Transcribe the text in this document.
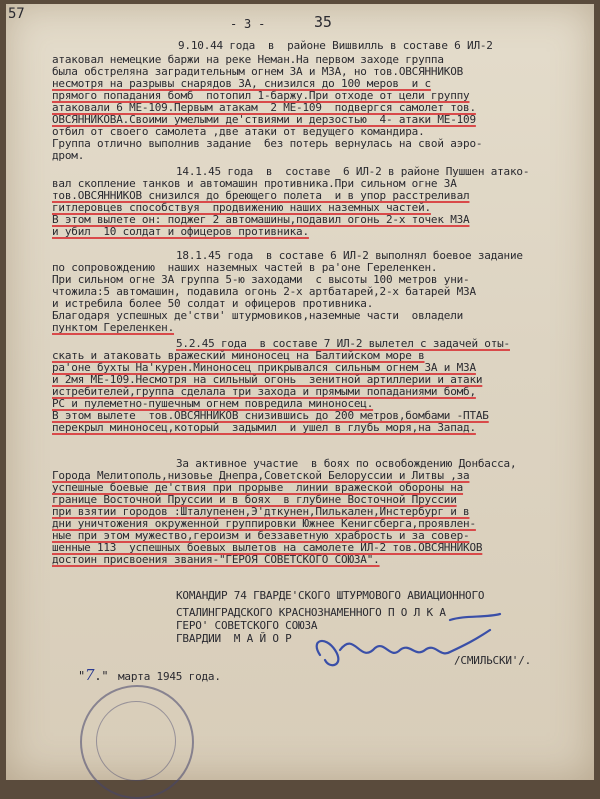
57
- 3 -	35
9.10.44 года  в  районе Вишвилль в составе 6 ИЛ-2
атаковал немецкие баржи на реке Неман.На первом заходе группа
была обстреляна заградительным огнем ЗА и МЗА, но тов.ОВСЯННИКОВ
несмотря на разрывы снарядов ЗА, снизился до 100 меров  и с
прямого попадания бомб  потопил 1-баржу.При отходе от цели группу
атаковали 6 МЕ-109.Первым атакам  2 МЕ-109  подвергся самолет тов.
ОВСЯННИКОВА.Своими умелыми де'ствиями и дерзостью  4- атаки МЕ-109
отбил от своего самолета ,две атаки от ведущего командира.
Группа отлично выполнив задание  без потерь вернулась на свой аэро-
дром.
14.1.45 года  в  составе  6 ИЛ-2 в районе Пушшен атако-
вал скопление танков и автомашин противника.При сильном огне ЗА
тов.ОВСЯННИКОВ снизился до бреющего полета  и в упор расстреливал
гитлеровцев способствуя  продвижению наших наземных частей.
В этом вылете он: поджег 2 автомашины,подавил огонь 2-х точек МЗА
и убил  10 солдат и офицеров противника.
18.1.45 года  в составе 6 ИЛ-2 выполнял боевое задание
по сопровождению  наших наземных частей в ра'оне Гереленкен.
При сильном огне ЗА группа 5-ю заходами  с высоты 100 метров уни-
чтожила:5 автомашин, подавила огонь 2-х артбатарей,2-х батарей МЗА
и истребила более 50 солдат и офицеров противника.
Благодаря успешных де'стви' штурмовиков,наземные части  овладели
пунктом Гереленкен.
5.2.45 года  в составе 7 ИЛ-2 вылетел с задачей оты-
скать и атаковать вражеский миноносец на Балтийском море в
ра'оне бухты На'курен.Миноносец прикрывался сильным огнем ЗА и МЗА
и 2мя МЕ-109.Несмотря на сильный огонь  зенитной артиллерии и атаки
истребителей,группа сделала три захода и прямыми попаданиями бомб,
РС и пулеметно-пушечным огнем повредила миноносец.
В этом вылете  тов.ОВСЯННИКОВ снизившись до 200 метров,бомбами -ПТАБ
перекрыл миноносец,который  задымил  и ушел в глубь моря,на Запад.
За активное участие  в боях по освобождению Донбасса,
Города Мелитополь,низовье Днепра,Советской Белоруссии и Литвы ,за
успешные боевые де'ствия при прорыве  линии вражеской обороны на
границе Восточной Пруссии и в боях  в глубине Восточной Пруссии
при взятии городов :Шталупенен,Э'дткунен,Пилькален,Инстербург и в
дни уничтожения окруженной группировки Южнее Кенигсберга,проявлен-
ные при этом мужество,героизм и беззаветную храбрость и за совер-
шенные 113  успешных боевых вылетов на самолете ИЛ-2 тов.ОВСЯННИКОВ
достоин присвоения звания-"ГЕРОЯ СОВЕТСКОГО СОЮЗА".
КОМАНДИР 74 ГВАРДЕ'СКОГО ШТУРМОВОГО АВИАЦИОННОГО
СТАЛИНГРАДСКОГО КРАСНОЗНАМЕННОГО П О Л К А
ГЕРО' СОВЕТСКОГО СОЮЗА
ГВАРДИИ  М А Й О Р
/СМИЛЬСКИ'/.
"7." марта 1945 года.
